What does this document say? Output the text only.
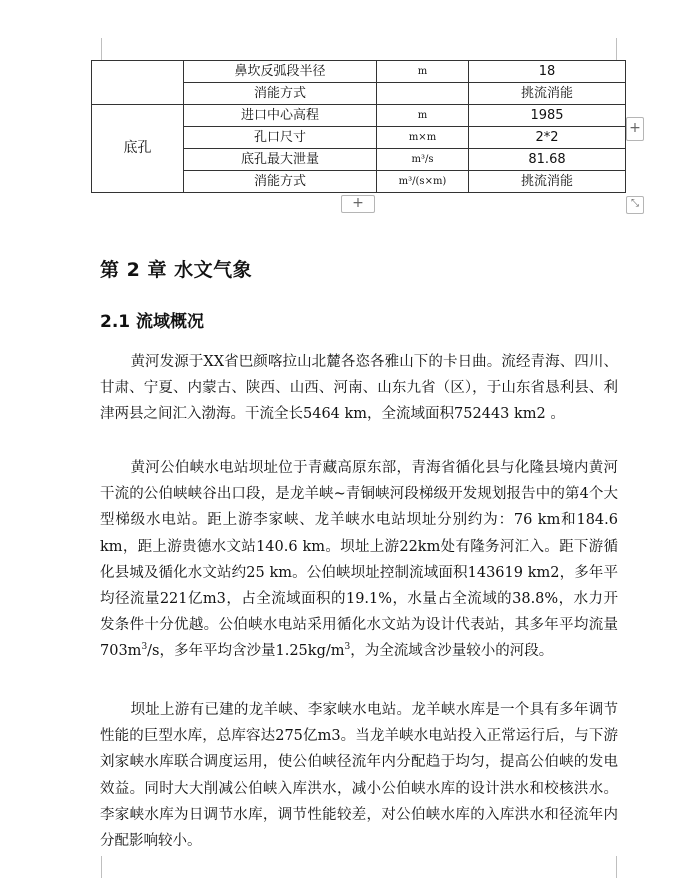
	鼻坎反弧段半径	m	18
	消能方式		挑流消能
底孔	进口中心高程	m	1985
	孔口尺寸	m×m	2*2
	底孔最大泄量	m³/s	81.68
	消能方式	m³/(s×m)	挑流消能
+
+	⤡
第 2 章 水文气象
2.1 流域概况

黄河发源于XX省巴颜喀拉山北麓各恣各雅山下的卡日曲。流经青海、四川、甘肃、宁夏、内蒙古、陕西、山西、河南、山东九省（区），于山东省恳利县、利津两县之间汇入渤海。干流全长5464 km，全流域面积752443 km2 。

黄河公伯峡水电站坝址位于青藏高原东部，青海省循化县与化隆县境内黄河干流的公伯峡峡谷出口段，是龙羊峡~青铜峡河段梯级开发规划报告中的第4个大型梯级水电站。距上游李家峡、龙羊峡水电站坝址分别约为：76 km和184.6 km，距上游贵德水文站140.6 km。坝址上游22km处有隆务河汇入。距下游循化县城及循化水文站约25 km。公伯峡坝址控制流域面积143619 km2，多年平均径流量221亿m3，占全流域面积的19.1%，水量占全流域的38.8%，水力开发条件十分优越。公伯峡水电站采用循化水文站为设计代表站，其多年平均流量$703m^3/s$，多年平均含沙量$1.25kg/m^3$，为全流域含沙量较小的河段。

坝址上游有已建的龙羊峡、李家峡水电站。龙羊峡水库是一个具有多年调节性能的巨型水库，总库容达275亿m3。当龙羊峡水电站投入正常运行后，与下游刘家峡水库联合调度运用，使公伯峡径流年内分配趋于均匀，提高公伯峡的发电效益。同时大大削减公伯峡入库洪水，减小公伯峡水库的设计洪水和校核洪水。李家峡水库为日调节水库，调节性能较差，对公伯峡水库的入库洪水和径流年内分配影响较小。
